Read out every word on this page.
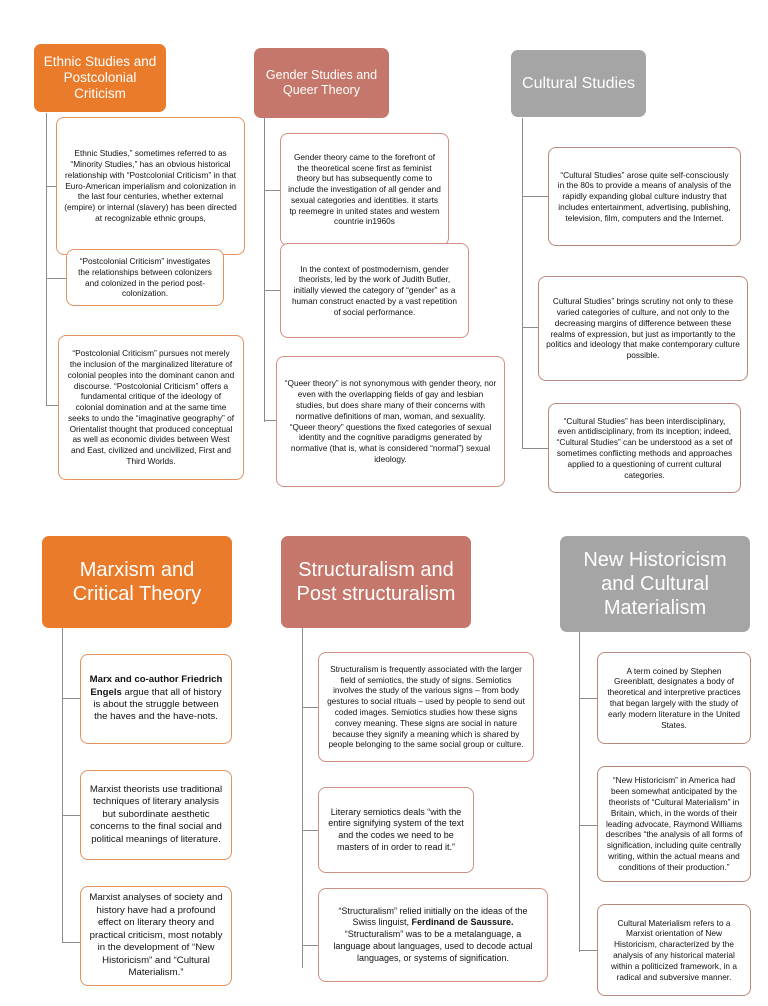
Ethnic Studies and Postcolonial Criticism
Gender Studies and Queer Theory	Cultural Studies
Ethnic Studies,” sometimes referred to as “Minority Studies,” has an obvious historical relationship with “Postcolonial Criticism” in that Euro-American imperialism and colonization in the last four centuries, whether external (empire) or internal (slavery) has been directed at recognizable ethnic groups,
“Postcolonial Criticism” investigates the relationships between colonizers and colonized in the period post-colonization.
“Postcolonial Criticism” pursues not merely the inclusion of the marginalized literature of colonial peoples into the dominant canon and discourse. “Postcolonial Criticism” offers a fundamental critique of the ideology of colonial domination and at the same time seeks to undo the “imaginative geography” of Orientalist thought that produced conceptual as well as economic divides between West and East, civilized and uncivilized, First and Third Worlds.
Gender theory came to the forefront of the theoretical scene first as feminist theory but has subsequently come to include the investigation of all gender and sexual categories and identities. it starts tp reemegre in united states and western countrie in1960s
In the context of postmodernism, gender theorists, led by the work of Judith Butler, initially viewed the category of “gender” as a human construct enacted by a vast repetition of social performance.
“Queer theory” is not synonymous with gender theory, nor even with the overlapping fields of gay and lesbian studies, but does share many of their concerns with normative definitions of man, woman, and sexuality. “Queer theory” questions the fixed categories of sexual identity and the cognitive paradigms generated by normative (that is, what is considered “normal”) sexual ideology.
“Cultural Studies” arose quite self-consciously in the 80s to provide a means of analysis of the rapidly expanding global culture industry that includes entertainment, advertising, publishing, television, film, computers and the Internet.
Cultural Studies” brings scrutiny not only to these varied categories of culture, and not only to the decreasing margins of difference between these realms of expression, but just as importantly to the politics and ideology that make contemporary culture possible.
“Cultural Studies” has been interdisciplinary, even antidisciplinary, from its inception; indeed, “Cultural Studies” can be understood as a set of sometimes conflicting methods and approaches applied to a questioning of current cultural categories.
Marxism and Critical Theory
Structuralism and Post structuralism
New Historicism and Cultural Materialism
Marx and co-author Friedrich Engels argue that all of history is about the struggle between the haves and the have-nots.
Marxist theorists use traditional techniques of literary analysis but subordinate aesthetic concerns to the final social and political meanings of literature.
Marxist analyses of society and history have had a profound effect on literary theory and practical criticism, most notably in the development of “New Historicism” and “Cultural Materialism.”
Structuralism is frequently associated with the larger field of semiotics, the study of signs. Semiotics involves the study of the various signs – from body gestures to social rituals – used by people to send out coded images. Semiotics studies how these signs convey meaning. These signs are social in nature because they signify a meaning which is shared by people belonging to the same social group or culture.
Literary semiotics deals “with the entire signifying system of the text and the codes we need to be masters of in order to read it.”
“Structuralism” relied initially on the ideas of the Swiss linguist, Ferdinand de Saussure. “Structuralism” was to be a metalanguage, a language about languages, used to decode actual languages, or systems of signification.
A term coined by Stephen Greenblatt, designates a body of theoretical and interpretive practices that began largely with the study of early modern literature in the United States.
“New Historicism” in America had been somewhat anticipated by the theorists of “Cultural Materialism” in Britain, which, in the words of their leading advocate, Raymond Williams describes “the analysis of all forms of signification, including quite centrally writing, within the actual means and conditions of their production.”
Cultural Materialism refers to a Marxist orientation of New Historicism, characterized by the analysis of any historical material within a politicized framework, in a radical and subversive manner.
